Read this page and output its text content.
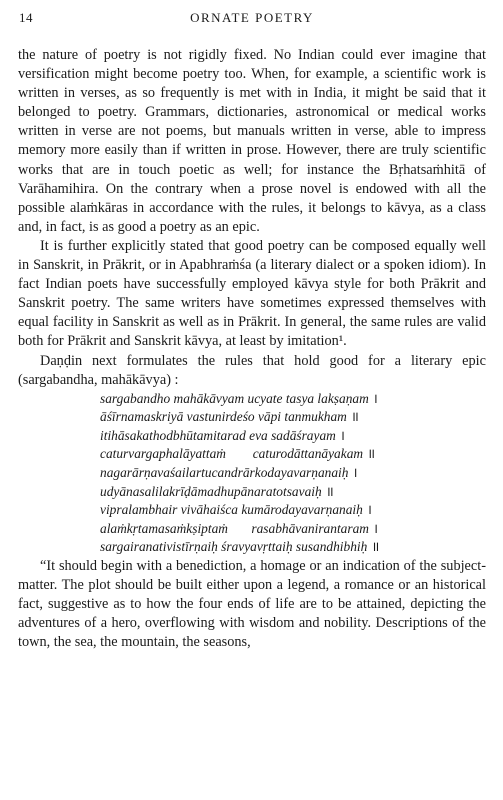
14	ORNATE POETRY

the nature of poetry is not rigidly fixed. No Indian could ever imagine that versification might become poetry too. When, for example, a scientific work is written in verses, as so frequently is met with in India, it might be said that it belonged to poetry. Grammars, dictionaries, astronomical or medical works written in verse are not poems, but manuals written in verse, able to impress memory more easily than if written in prose. However, there are truly scientific works that are in touch poetic as well; for instance the Bṛhatsaṁhitā of Varāhamihira. On the contrary when a prose novel is endowed with all the possible alaṁkāras in accordance with the rules, it belongs to kāvya, as a class and, in fact, is as good a poetry as an epic.

It is further explicitly stated that good poetry can be composed equally well in Sanskrit, in Prākrit, or in Apabhraṁśa (a literary dialect or a spoken idiom). In fact Indian poets have successfully employed kāvya style for both Prākrit and Sanskrit poetry. The same writers have sometimes expressed themselves with equal facility in Sanskrit as well as in Prākrit. In general, the same rules are valid both for Prākrit and Sanskrit kāvya, at least by imitation¹.

Daṇḍin next formulates the rules that hold good for a literary epic (sargabandha, mahākāvya) :

sargabandho mahākāvyam ucyate tasya lakṣaṇam ।
āśīrnamaskriyā vastunirdeśo vāpi tanmukham ॥
itihāsakathodbhūtamitarad eva sadāśrayam ।
caturvargaphalāyattaṁ        caturodāttanāyakam ॥
nagarārṇavaśailartucandrārkodayavarṇanaiḥ ।
udyānasalilakrīḍāmadhupānaratotsavaiḥ ॥
vipralambhair vivāhaiśca kumārodayavarṇanaiḥ ।
alaṁkṛtamasaṁkṣiptaṁ       rasabhāvanirantaram ।
sargairanativistīrṇaiḥ śravyavṛttaiḥ susandhibhiḥ ॥

“It should begin with a benediction, a homage or an indication of the subject-matter. The plot should be built either upon a legend, a romance or an historical fact, suggestive as to how the four ends of life are to be attained, depicting the adventures of a hero, overflowing with wisdom and nobility. Descriptions of the town, the sea, the mountain, the seasons,
